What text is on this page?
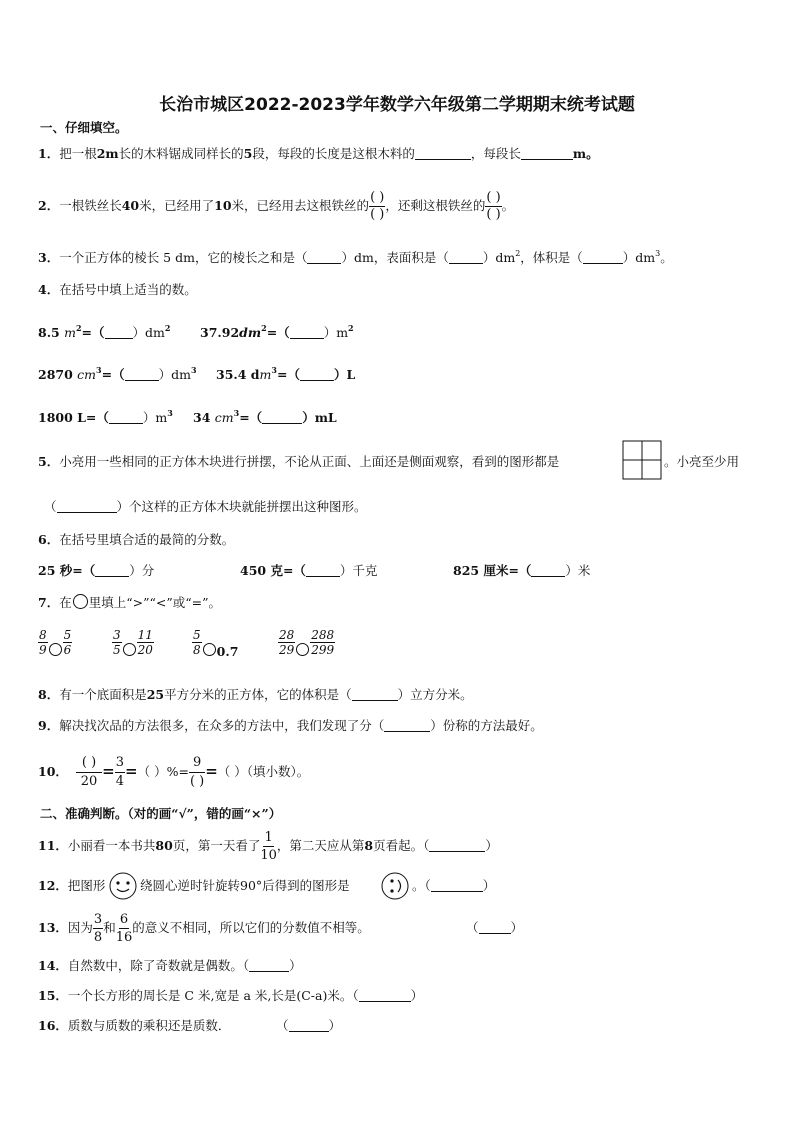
长治市城区2022-2023学年数学六年级第二学期期末统考试题
一、仔细填空。
1．把一根2m长的木料锯成同样长的5段，每段的长度是这根木料的	，每段长	m。
2．一根铁丝长40米，已经用了10米，已经用去这根铁丝的 $\frac{( )}{( )}$ ，还剩这根铁丝的 $\frac{( )}{( )}$ 。
3．一个正方体的棱长 5 dm，它的棱长之和是（	）dm，表面积是（	）$dm^2$，体积是（	）$dm^3$。
4．在括号中填上适当的数。
8.5 $m^2=$（ ）$dm^2$ $37.92dm^2=$（	）$m^2$
2870 $cm^3=$（	）$dm^3$ 35.4 $dm^3=$（	）L
1800 L=（	）$m^3$ 34 $cm^3=$（	）mL
5．小亮用一些相同的正方体木块进行拼摆，不论从正面、上面还是侧面观察，看到的图形都是	。小亮至少用
（	）个这样的正方体木块就能拼摆出这种图形。
6．在括号里填合适的最简的分数。
25 秒=（	）分	450 克=（	）千克	825 厘米=（	）米
7．在 里填上“>”“<”或“=”。
$\frac{8}{9} \frac{5}{6}$	$\frac{3}{5} \frac{11}{20}$	$\frac{5}{8} 0.7$	$\frac{28}{29} \frac{288}{299}$
8．有一个底面积是25平方分米的正方体，它的体积是（	）立方分米。
9．解决找次品的方法很多，在众多的方法中，我们发现了分（	）份称的方法最好。
10． $\frac{( )}{20} = \frac{3}{4}$ =（ ）%= $\frac{9}{( )}$ =（ ）（填小数）。
二、准确判断。（对的画“√”，错的画“×”）
11．小丽看一本书共80页，第一天看了 $\frac{1}{10}$ ，第二天应从第8页看起。（	）
12．把图形	绕圆心逆时针旋转90°后得到的图形是	。（	）
13．因为 $\frac{3}{8}$ 和 $\frac{6}{16}$ 的意义不相同，所以它们的分数值不相等。	（	）
14．自然数中，除了奇数就是偶数。（	）
15．一个长方形的周长是 C 米,宽是 a 米,长是(C-a)米。（	）
16．质数与质数的乘积还是质数．	（	）
